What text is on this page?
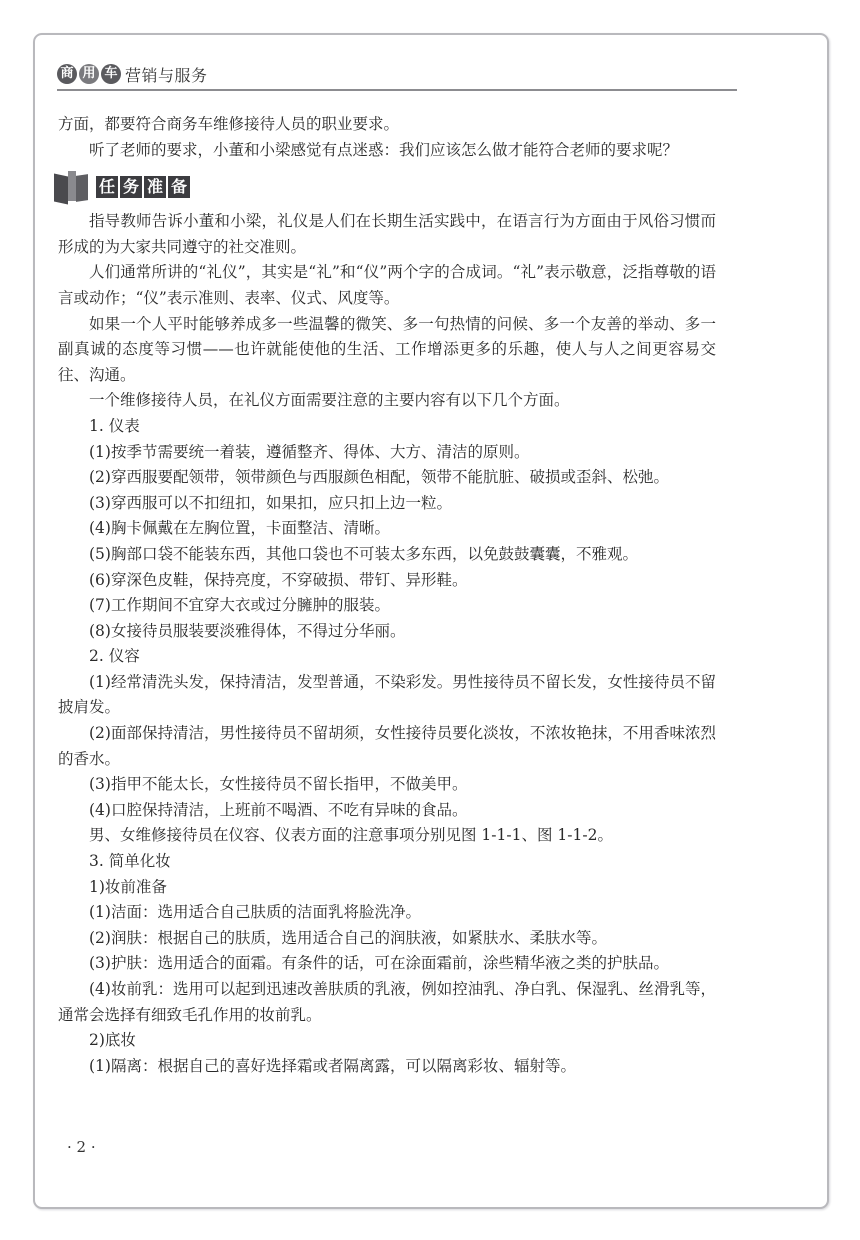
商 用 车 营销与服务

方面，都要符合商务车维修接待人员的职业要求。

听了老师的要求，小董和小梁感觉有点迷惑：我们应该怎么做才能符合老师的要求呢？

任 务 准 备

指导教师告诉小董和小梁，礼仪是人们在长期生活实践中，在语言行为方面由于风俗习惯而形成的为大家共同遵守的社交准则。

人们通常所讲的“礼仪”，其实是“礼”和“仪”两个字的合成词。“礼”表示敬意，泛指尊敬的语言或动作；“仪”表示准则、表率、仪式、风度等。

如果一个人平时能够养成多一些温馨的微笑、多一句热情的问候、多一个友善的举动、多一副真诚的态度等习惯——也许就能使他的生活、工作增添更多的乐趣，使人与人之间更容易交往、沟通。

一个维修接待人员，在礼仪方面需要注意的主要内容有以下几个方面。

1. 仪表

(1)按季节需要统一着装，遵循整齐、得体、大方、清洁的原则。

(2)穿西服要配领带，领带颜色与西服颜色相配，领带不能肮脏、破损或歪斜、松弛。

(3)穿西服可以不扣纽扣，如果扣，应只扣上边一粒。

(4)胸卡佩戴在左胸位置，卡面整洁、清晰。

(5)胸部口袋不能装东西，其他口袋也不可装太多东西，以免鼓鼓囊囊，不雅观。

(6)穿深色皮鞋，保持亮度，不穿破损、带钉、异形鞋。

(7)工作期间不宜穿大衣或过分臃肿的服装。

(8)女接待员服装要淡雅得体，不得过分华丽。

2. 仪容

(1)经常清洗头发，保持清洁，发型普通，不染彩发。男性接待员不留长发，女性接待员不留披肩发。

(2)面部保持清洁，男性接待员不留胡须，女性接待员要化淡妆，不浓妆艳抹，不用香味浓烈的香水。

(3)指甲不能太长，女性接待员不留长指甲，不做美甲。

(4)口腔保持清洁，上班前不喝酒、不吃有异味的食品。

男、女维修接待员在仪容、仪表方面的注意事项分别见图 1-1-1、图 1-1-2。

3. 简单化妆

1)妆前准备

(1)洁面：选用适合自己肤质的洁面乳将脸洗净。

(2)润肤：根据自己的肤质，选用适合自己的润肤液，如紧肤水、柔肤水等。

(3)护肤：选用适合的面霜。有条件的话，可在涂面霜前，涂些精华液之类的护肤品。

(4)妆前乳：选用可以起到迅速改善肤质的乳液，例如控油乳、净白乳、保湿乳、丝滑乳等，通常会选择有细致毛孔作用的妆前乳。

2)底妆

(1)隔离：根据自己的喜好选择霜或者隔离露，可以隔离彩妆、辐射等。

· 2 ·
